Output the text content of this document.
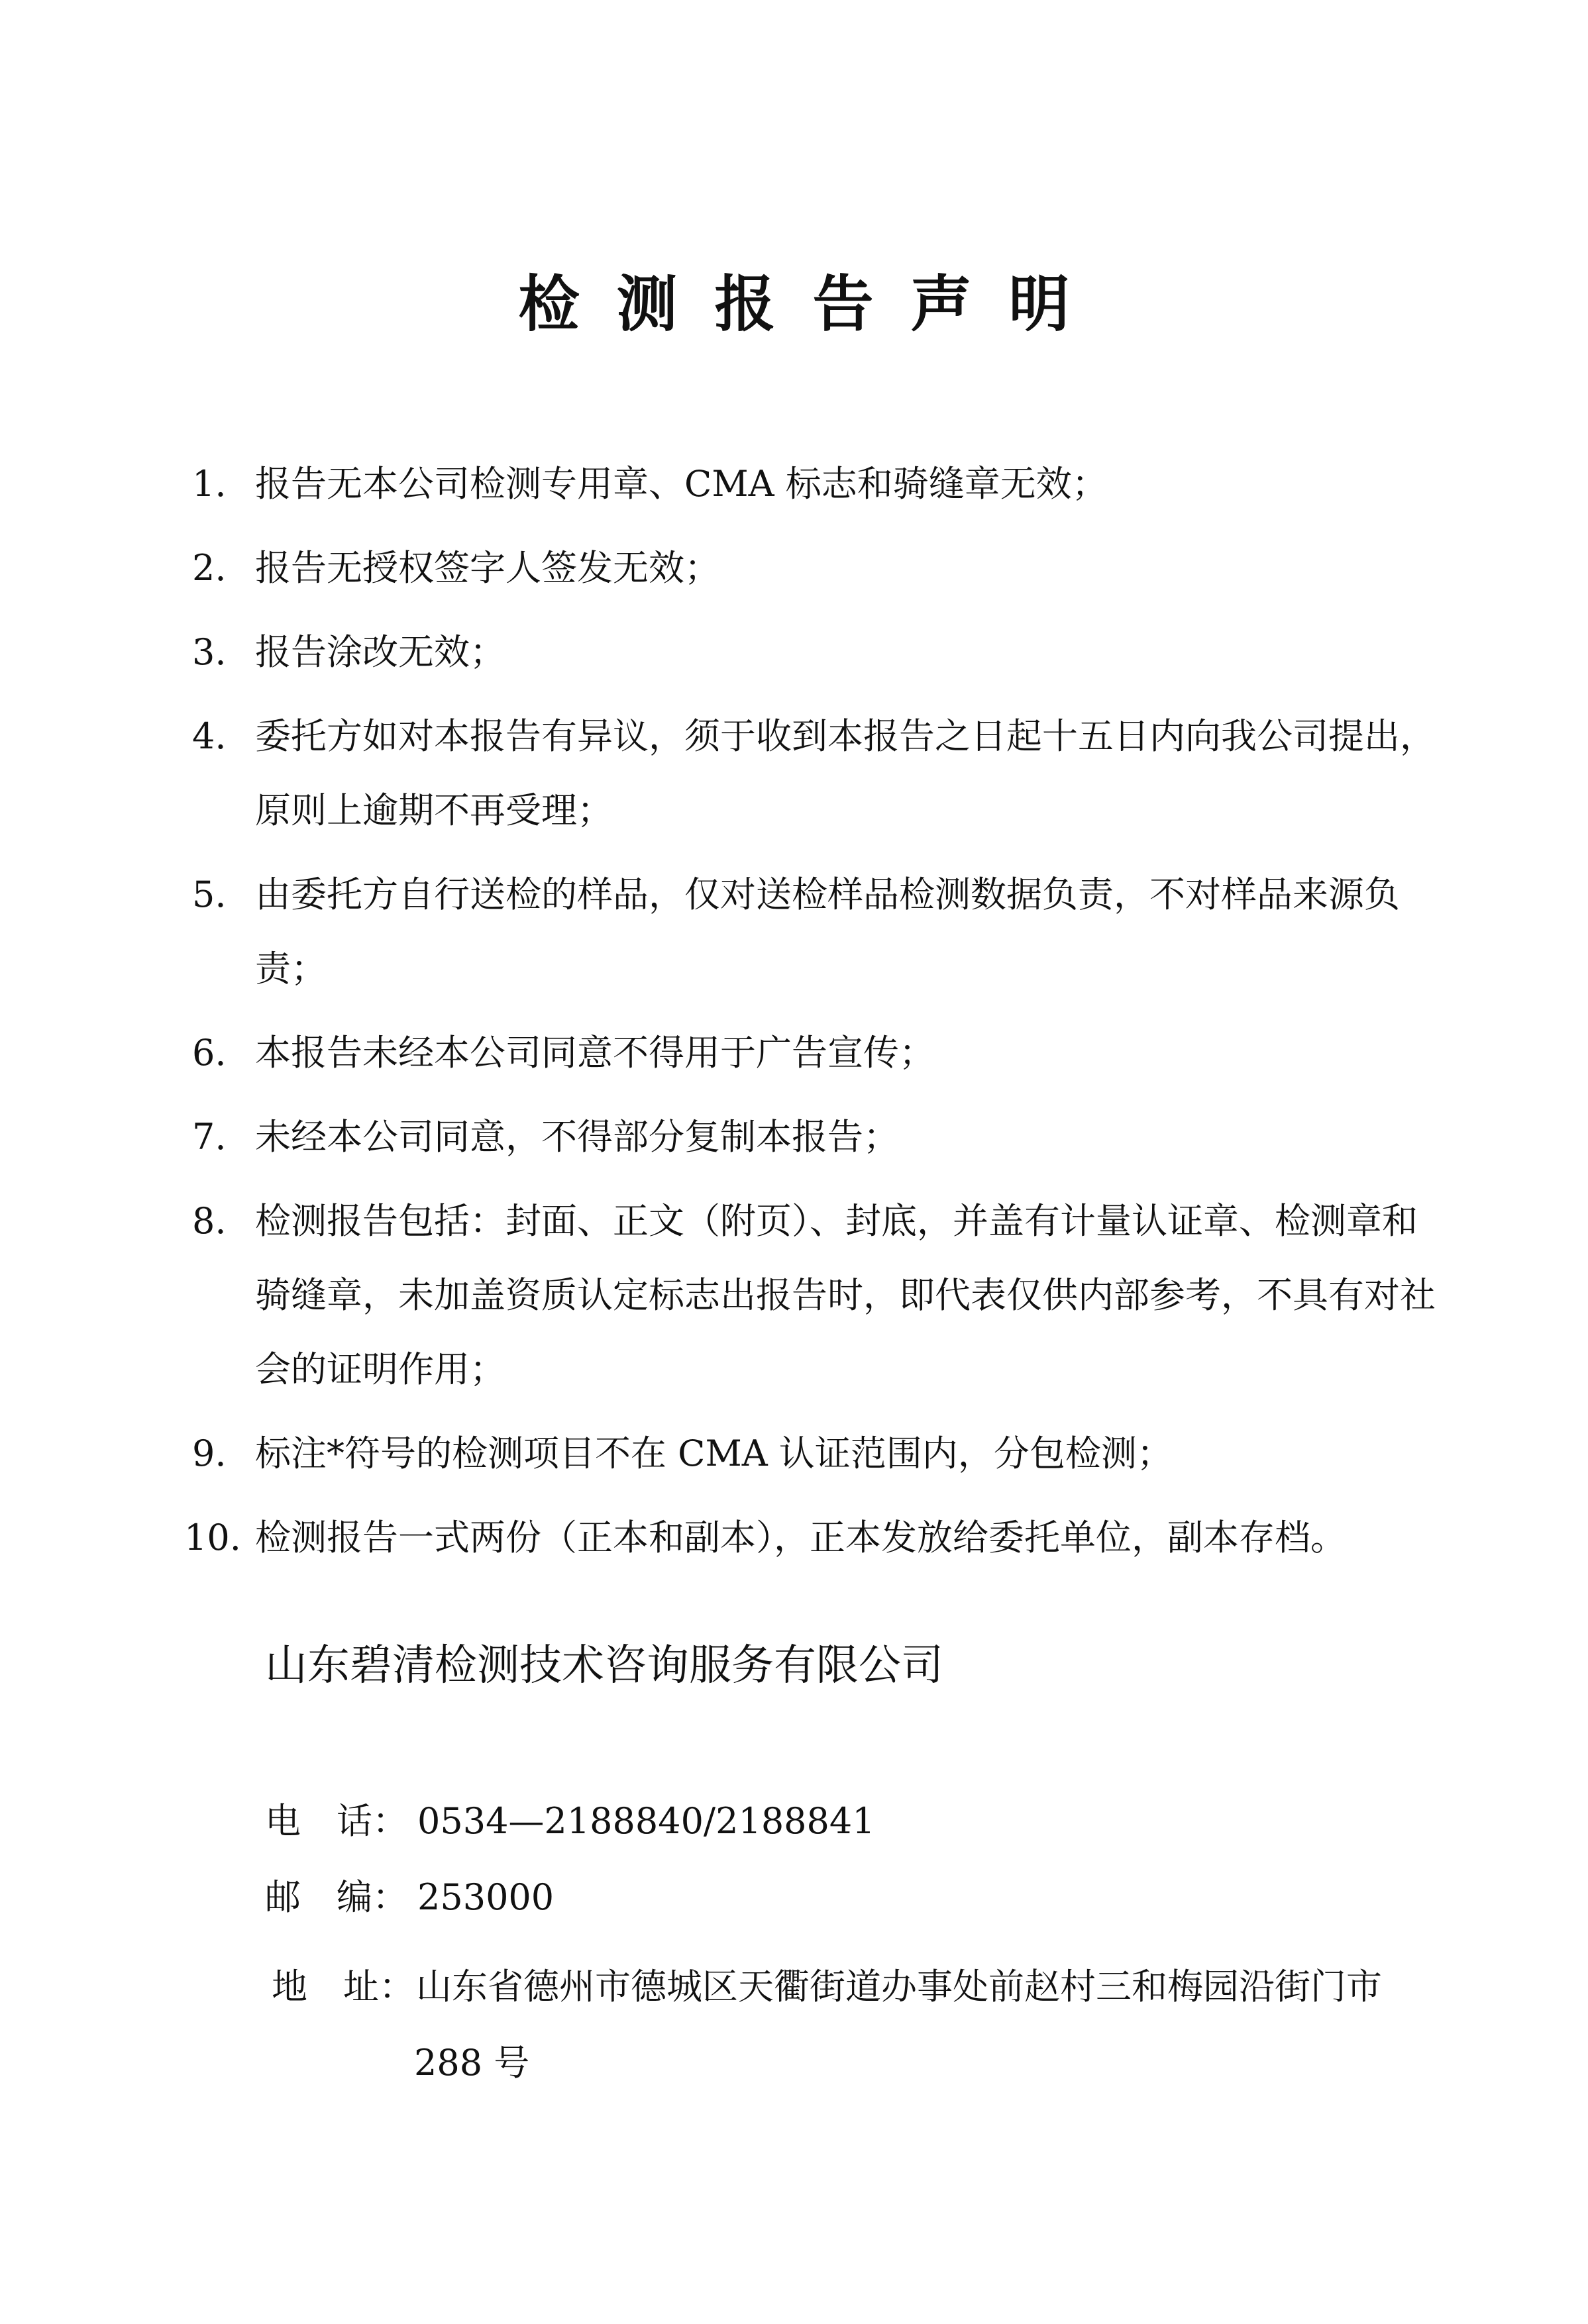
检测报告声明
1. 报告无本公司检测专用章、CMA 标志和骑缝章无效；
2. 报告无授权签字人签发无效；
3. 报告涂改无效；
4. 委托方如对本报告有异议，须于收到本报告之日起十五日内向我公司提出，原则上逾期不再受理；
5. 由委托方自行送检的样品，仅对送检样品检测数据负责，不对样品来源负责；
6. 本报告未经本公司同意不得用于广告宣传；
7. 未经本公司同意，不得部分复制本报告；
8. 检测报告包括：封面、正文（附页）、封底，并盖有计量认证章、检测章和骑缝章，未加盖资质认定标志出报告时，即代表仅供内部参考，不具有对社会的证明作用；
9. 标注*符号的检测项目不在 CMA 认证范围内，分包检测；
10. 检测报告一式两份（正本和副本），正本发放给委托单位，副本存档。
山东碧清检测技术咨询服务有限公司
电　话： 0534—2188840/2188841
邮　编： 253000
地　址：山东省德州市德城区天衢街道办事处前赵村三和梅园沿街门市
288 号
